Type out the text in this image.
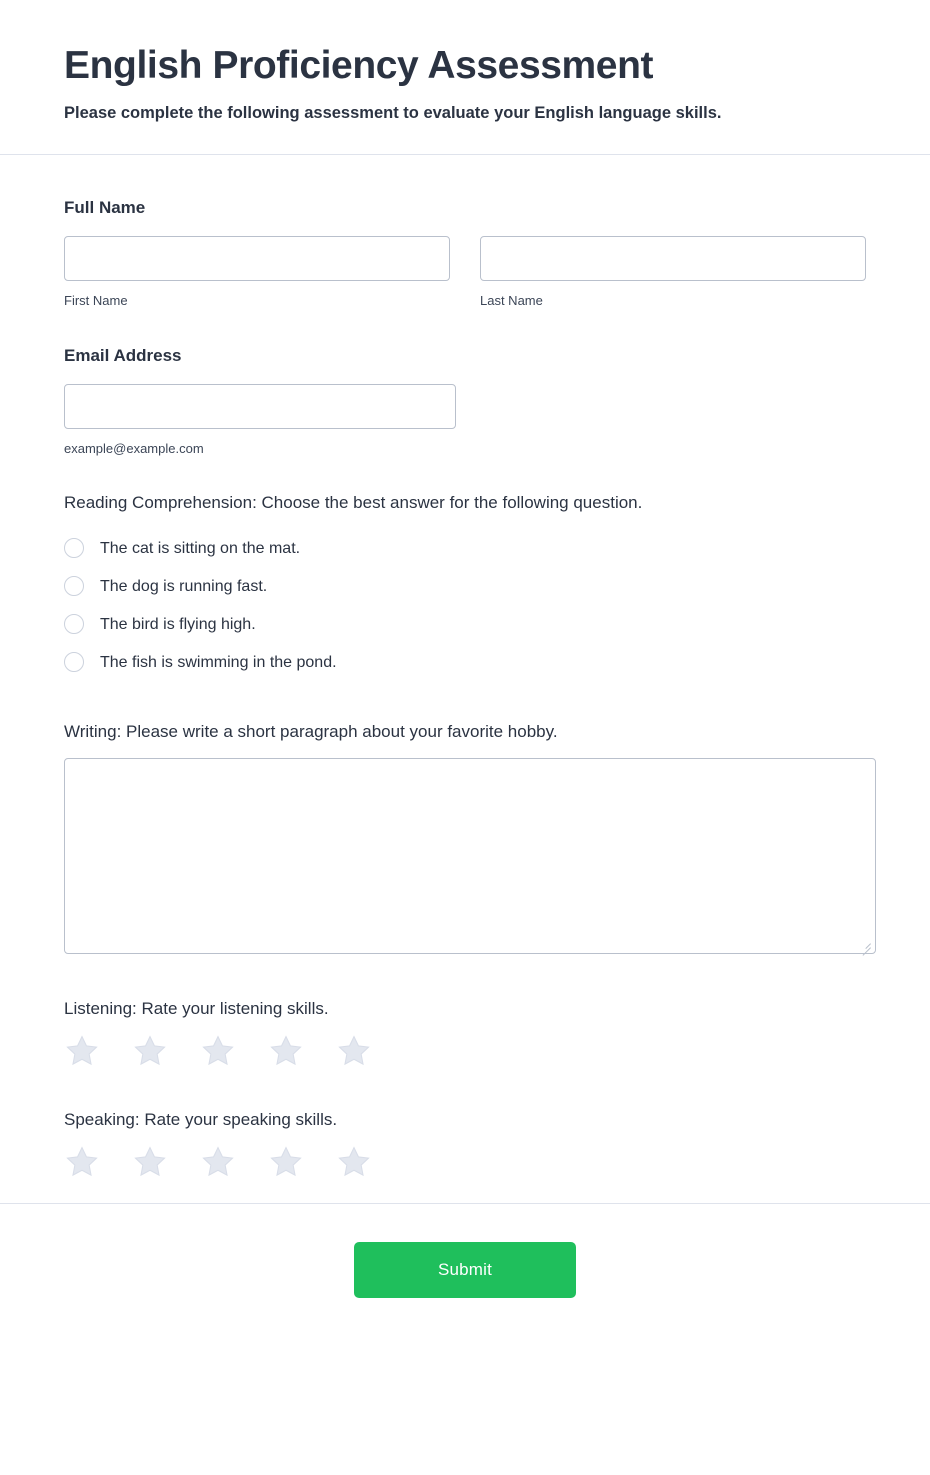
English Proficiency Assessment

Please complete the following assessment to evaluate your English language skills.

Full Name
First Name	Last Name
Email Address
example@example.com
Reading Comprehension: Choose the best answer for the following question.
The cat is sitting on the mat.
The dog is running fast.
The bird is flying high.
The fish is swimming in the pond.
Writing: Please write a short paragraph about your favorite hobby.
Listening: Rate your listening skills.
Speaking: Rate your speaking skills.
Submit
